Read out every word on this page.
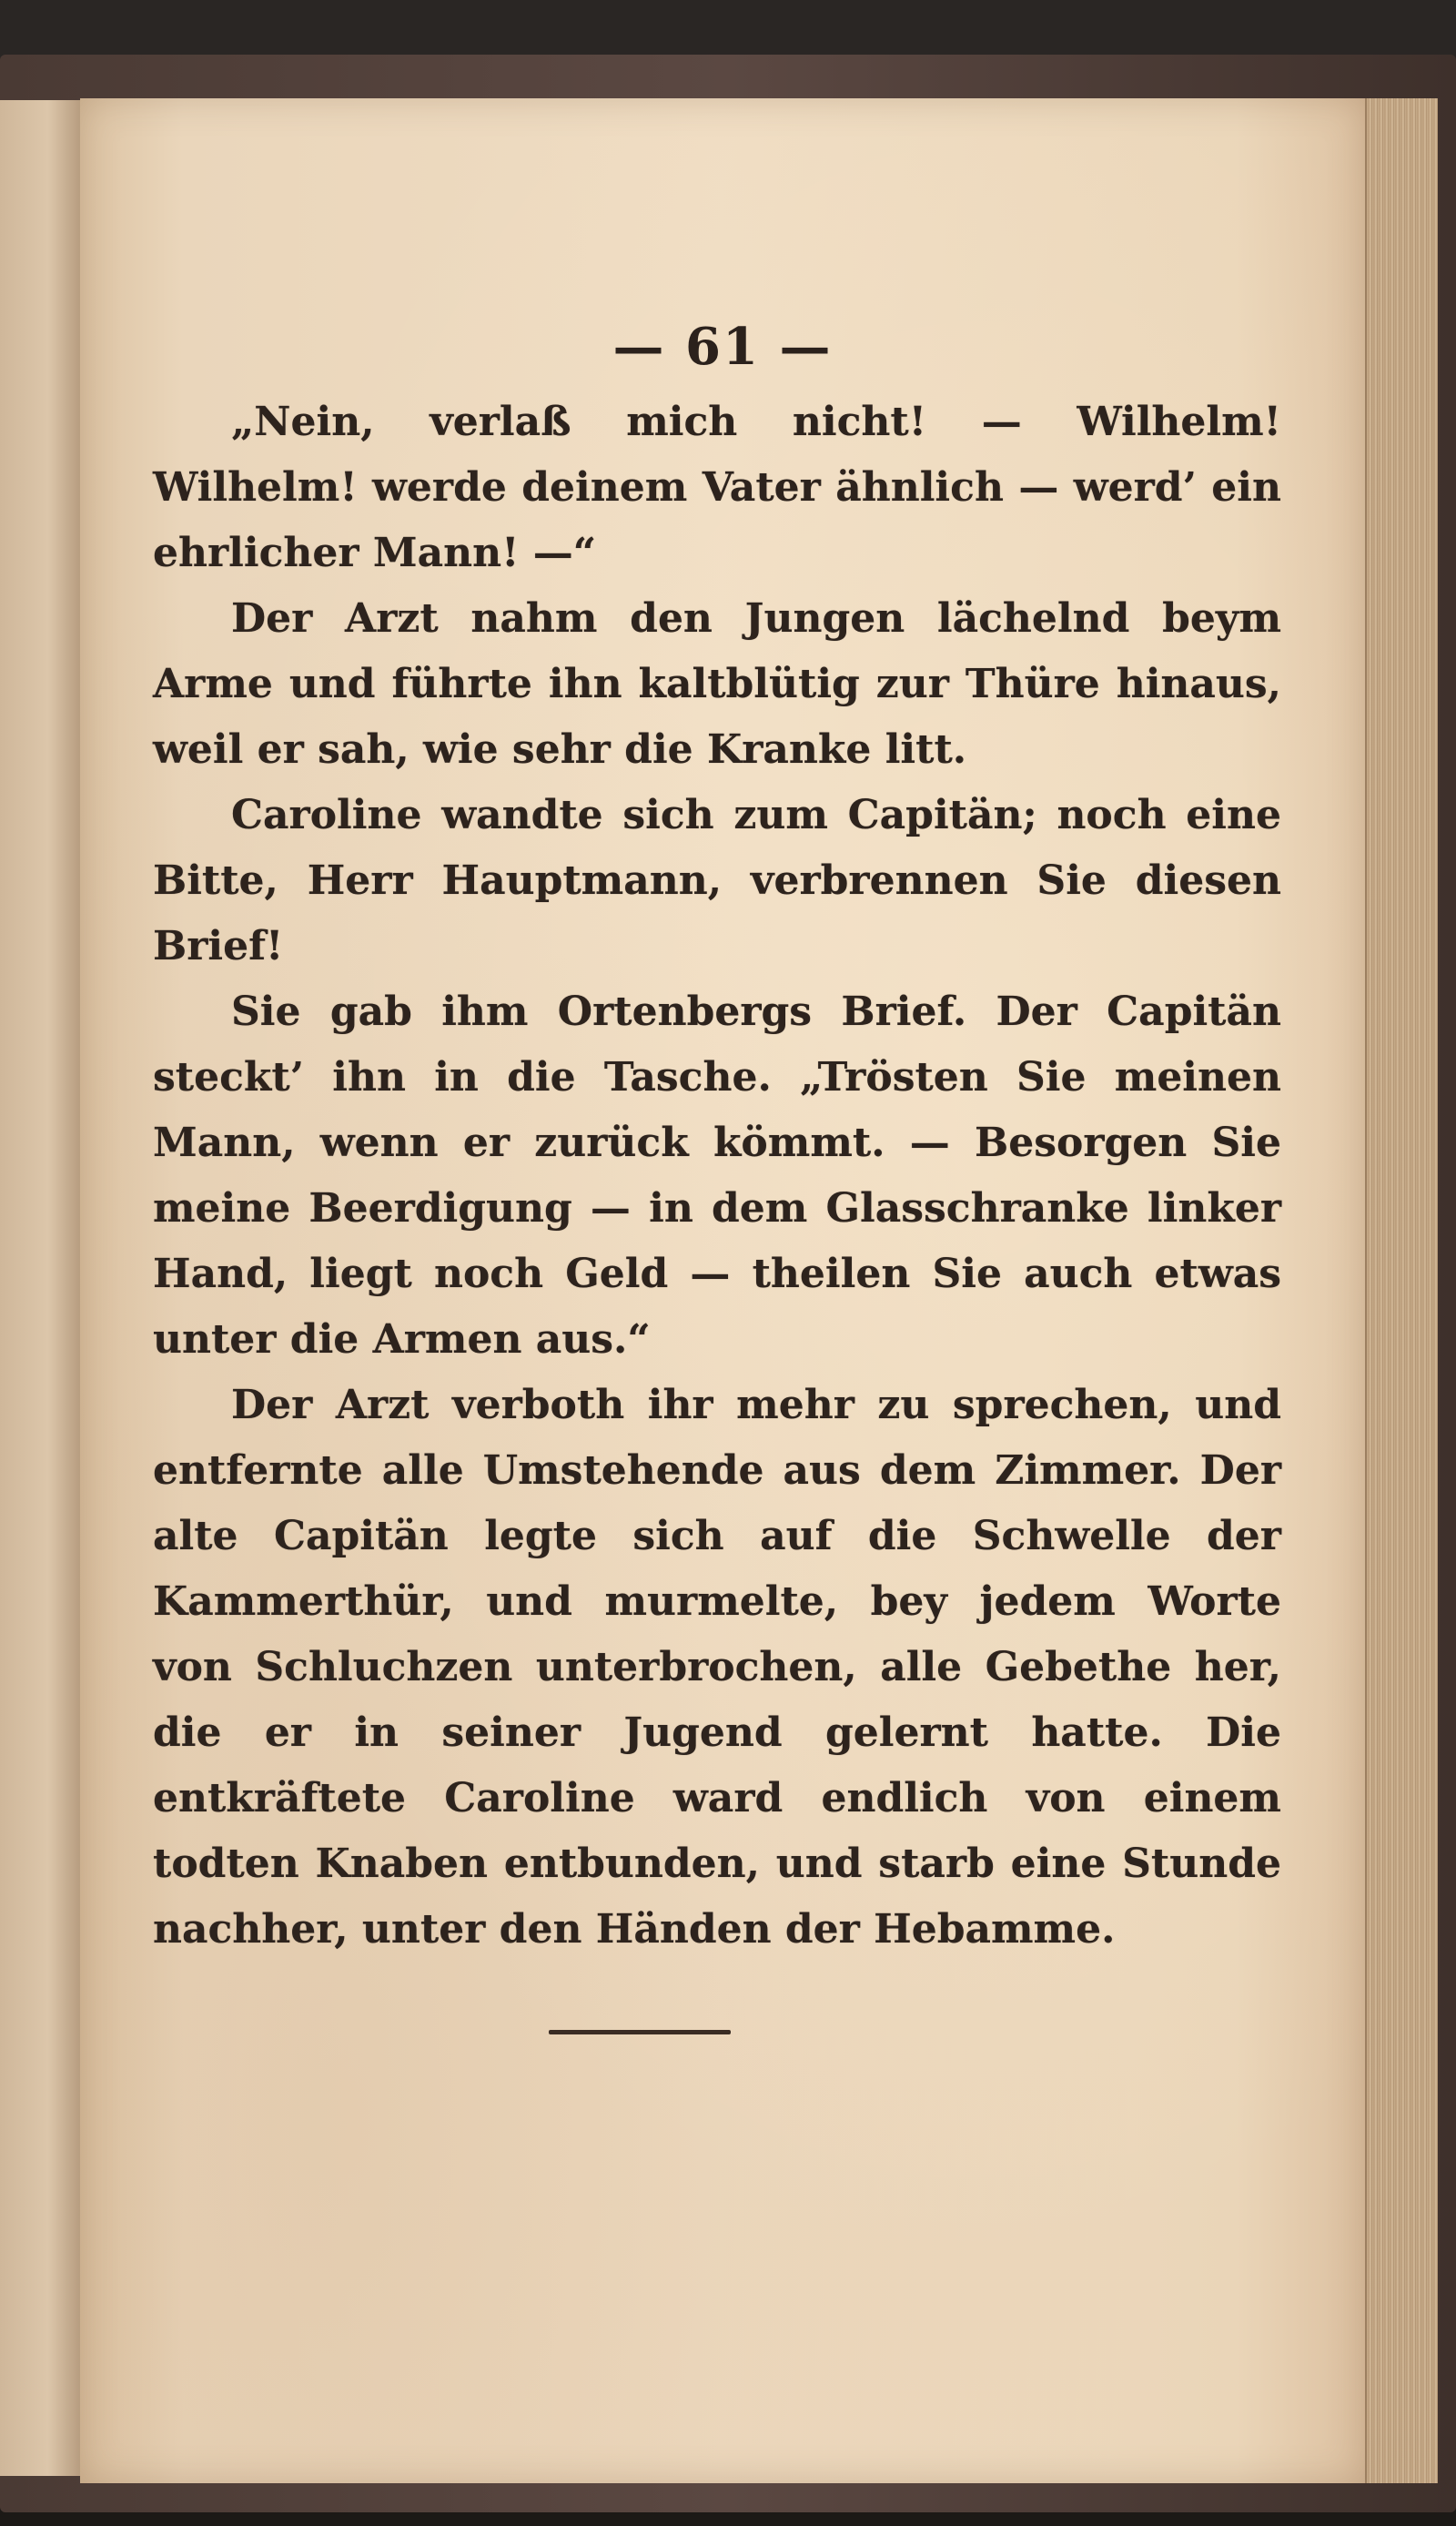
— 61 —

„Nein, verlaß mich nicht! — Wilhelm! Wilhelm! werde deinem Vater ähnlich — werd’ ein ehrlicher Mann! —“

Der Arzt nahm den Jungen lächelnd beym Arme und führte ihn kaltblütig zur Thüre hinaus, weil er sah, wie sehr die Kranke litt.

Caroline wandte sich zum Capitän; noch eine Bitte, Herr Hauptmann, verbrennen Sie diesen Brief!

Sie gab ihm Ortenbergs Brief. Der Capitän steckt’ ihn in die Tasche. „Trösten Sie meinen Mann, wenn er zurück kömmt. — Besorgen Sie meine Beerdigung — in dem Glasschranke linker Hand, liegt noch Geld — theilen Sie auch etwas unter die Armen aus.“

Der Arzt verboth ihr mehr zu sprechen, und entfernte alle Umstehende aus dem Zimmer. Der alte Capitän legte sich auf die Schwelle der Kammerthür, und murmelte, bey jedem Worte von Schluchzen unterbrochen, alle Gebethe her, die er in seiner Jugend gelernt hatte. Die entkräftete Caroline ward endlich von einem todten Knaben entbunden, und starb eine Stunde nachher, unter den Händen der Hebamme.
